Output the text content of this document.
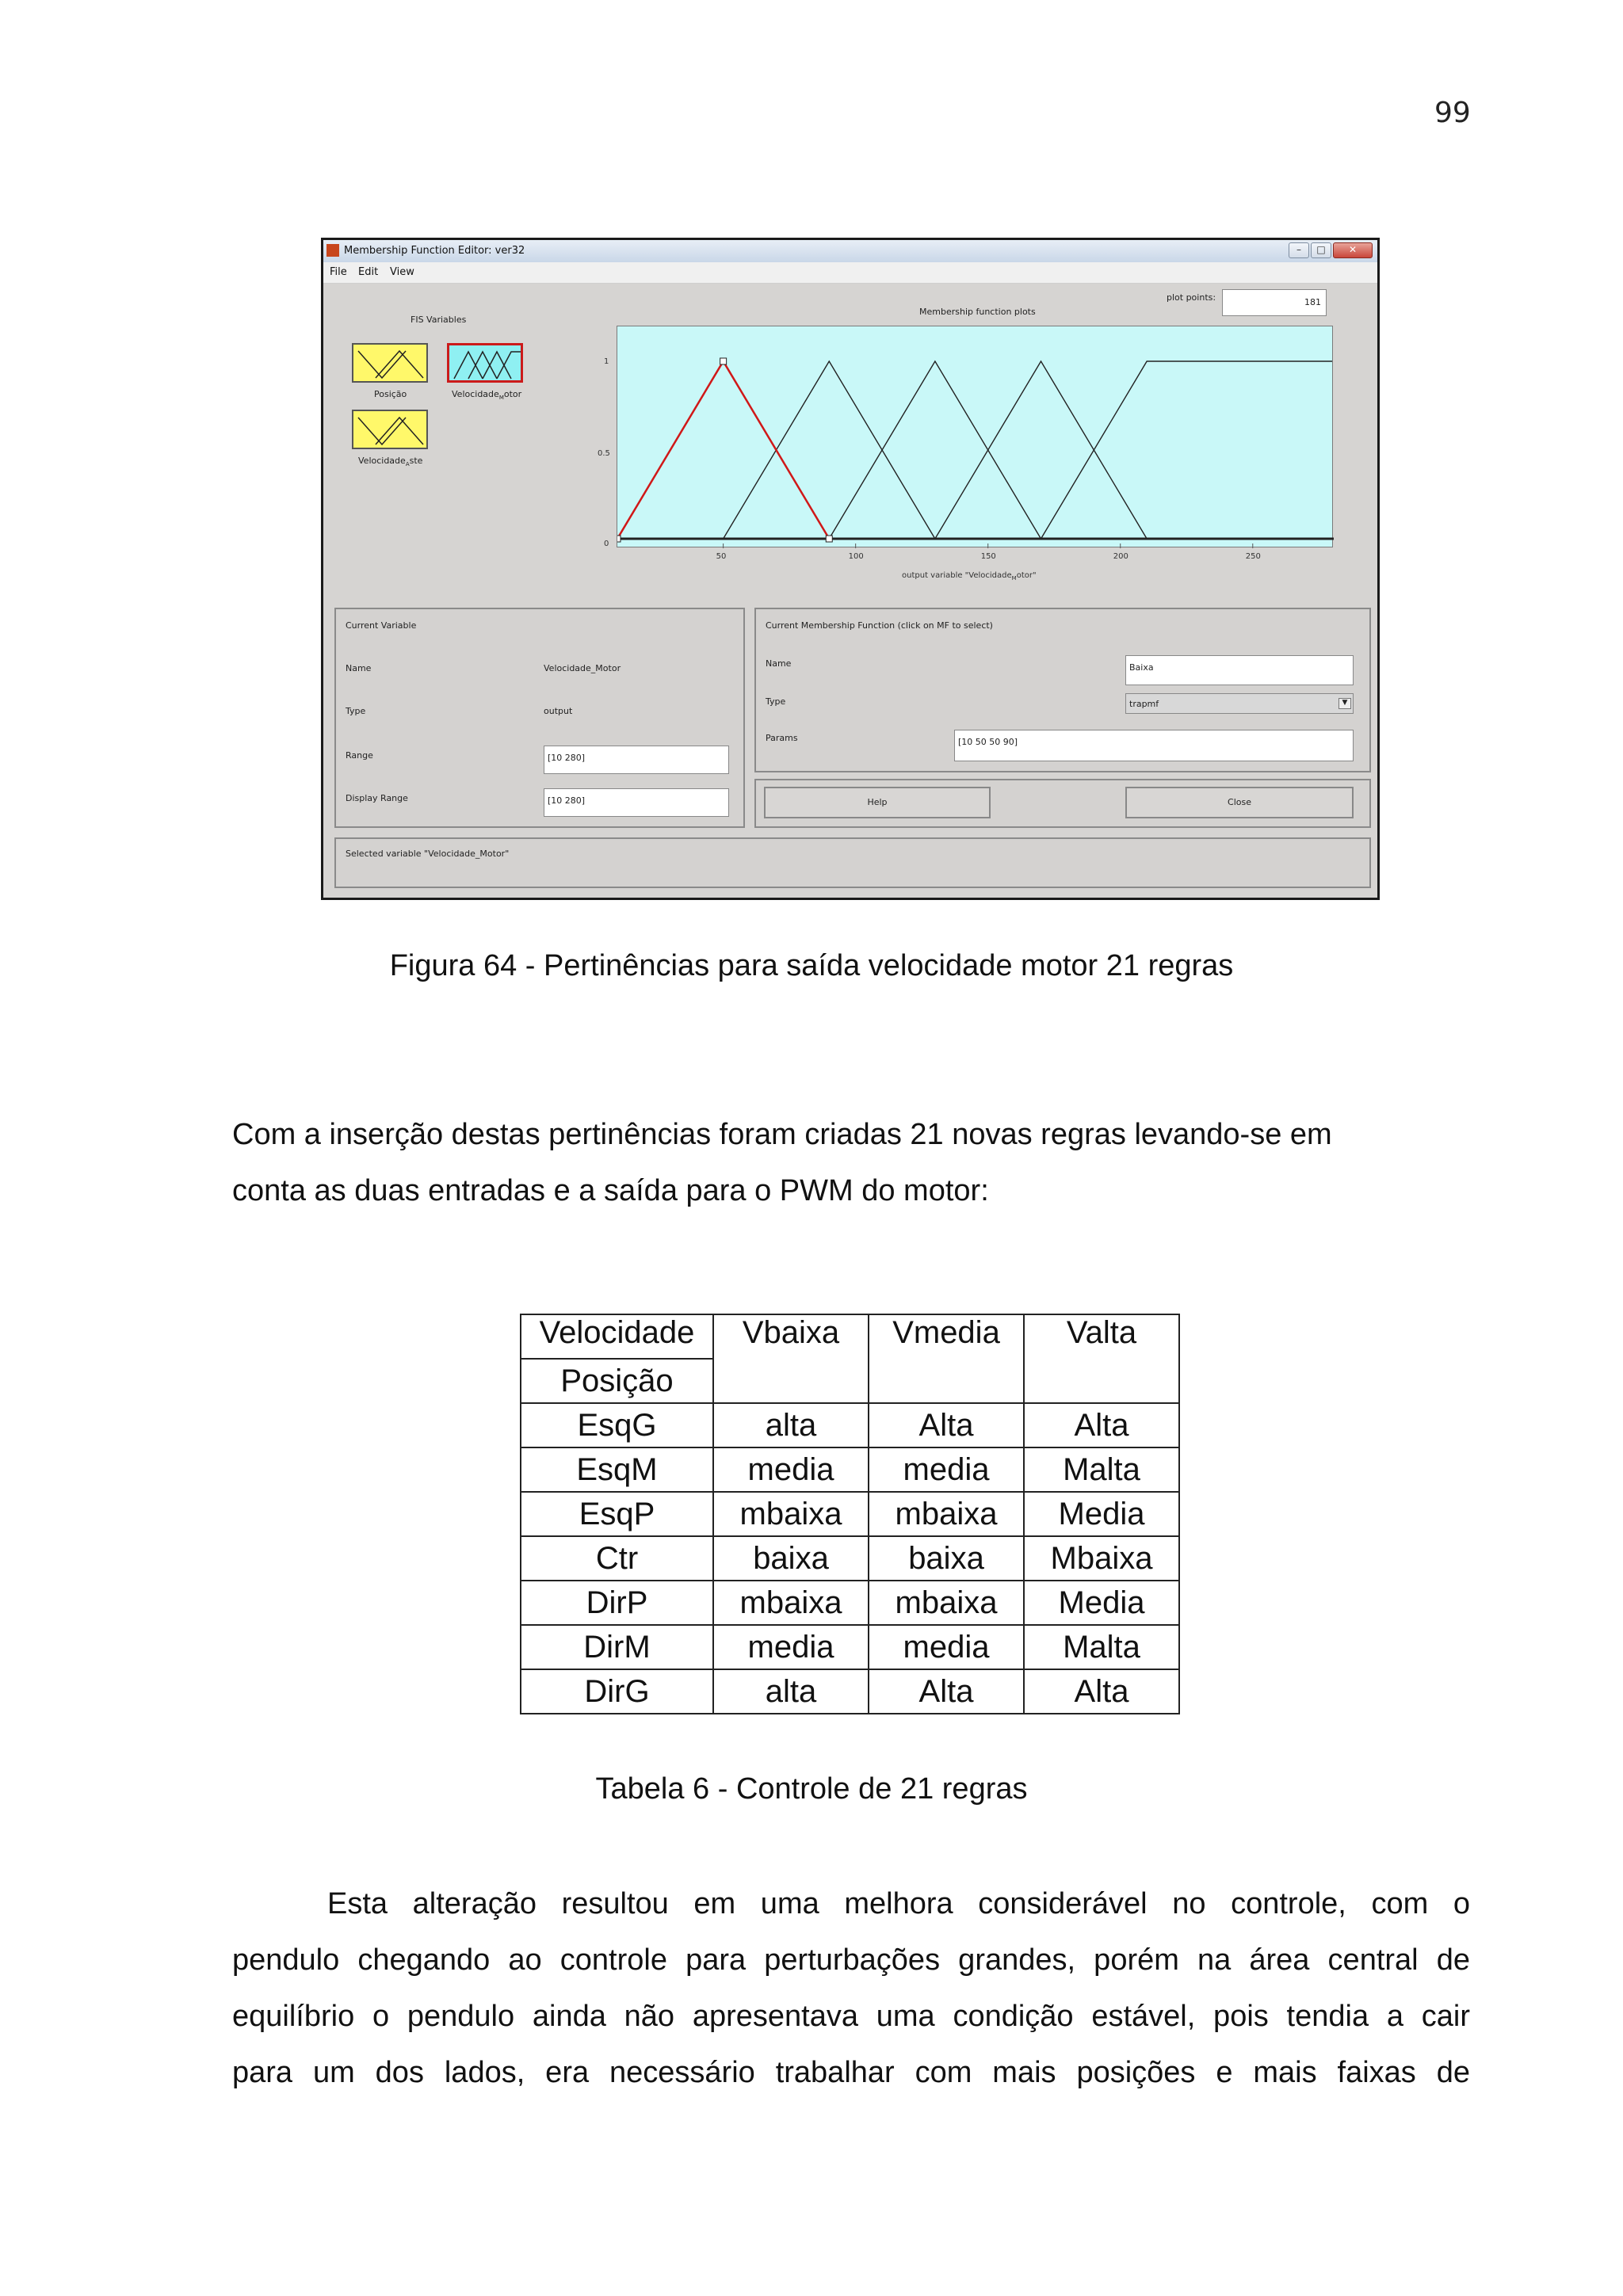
99
Membership Function Editor: ver32	–	□	✕
File Edit View
FIS Variables
Posição	Velocidade$_M$otor
Velocidade$_A$ste
Membership function plots
plot points:	181
1
0.5
0
50	100	150	200	250
output variable "Velocidade$_M$otor"
Current Variable
Name	Velocidade_Motor
Type	output
Range	[10 280]
Display Range	[10 280]
Current Membership Function (click on MF to select)
Name	Baixa
Type	trapmf	▼
Params	[10 50 50 90]
Help	Close
Selected variable "Velocidade_Motor"
Figura 64 - Pertinências para saída velocidade motor 21 regras
Com a inserção destas pertinências foram criadas 21 novas regras levando-se em
conta as duas entradas e a saída para o PWM do motor:
Velocidade	Vbaixa	Vmedia	Valta
Posição			
EsqG	alta	Alta	Alta
EsqM	media	media	Malta
EsqP	mbaixa	mbaixa	Media
Ctr	baixa	baixa	Mbaixa
DirP	mbaixa	mbaixa	Media
DirM	media	media	Malta
DirG	alta	Alta	Alta
Tabela 6 - Controle de 21 regras
Esta alteração resultou em uma melhora considerável no controle, com o
pendulo chegando ao controle para perturbações grandes, porém na área central de
equilíbrio o pendulo ainda não apresentava uma condição estável, pois tendia a cair
para um dos lados, era necessário trabalhar com mais posições e mais faixas de
